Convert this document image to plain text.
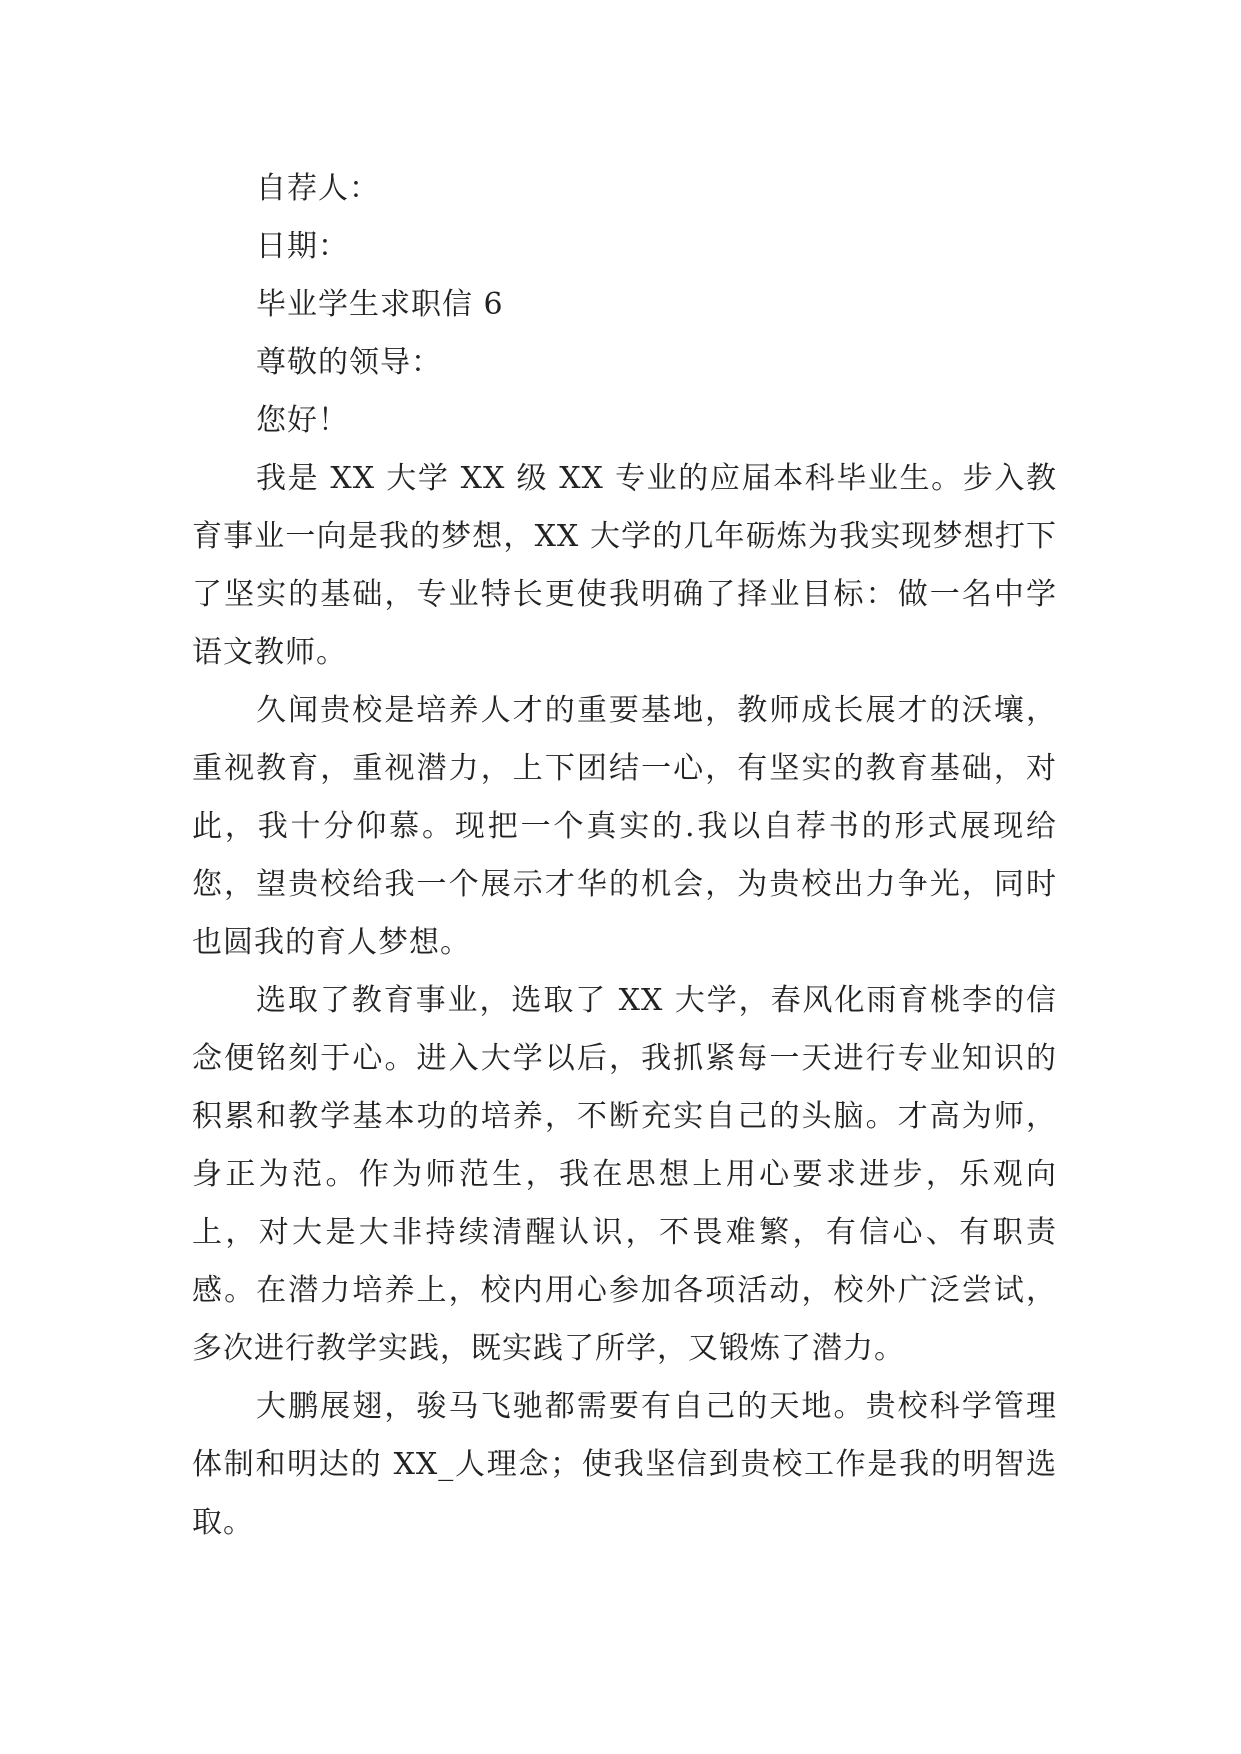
自荐人：

日期：

毕业学生求职信 6

尊敬的领导：

您好！

我是 XX 大学 XX 级 XX 专业的应届本科毕业生。步入教育事业一向是我的梦想，XX 大学的几年砺炼为我实现梦想打下了坚实的基础，专业特长更使我明确了择业目标：做一名中学语文教师。

久闻贵校是培养人才的重要基地，教师成长展才的沃壤，重视教育，重视潜力，上下团结一心，有坚实的教育基础，对此，我十分仰慕。现把一个真实的.我以自荐书的形式展现给您，望贵校给我一个展示才华的机会，为贵校出力争光，同时也圆我的育人梦想。

选取了教育事业，选取了 XX 大学，春风化雨育桃李的信念便铭刻于心。进入大学以后，我抓紧每一天进行专业知识的积累和教学基本功的培养，不断充实自己的头脑。才高为师，身正为范。作为师范生，我在思想上用心要求进步，乐观向上，对大是大非持续清醒认识，不畏难繁，有信心、有职责感。在潜力培养上，校内用心参加各项活动，校外广泛尝试，多次进行教学实践，既实践了所学，又锻炼了潜力。

大鹏展翅，骏马飞驰都需要有自己的天地。贵校科学管理体制和明达的 XX_人理念；使我坚信到贵校工作是我的明智选取。
